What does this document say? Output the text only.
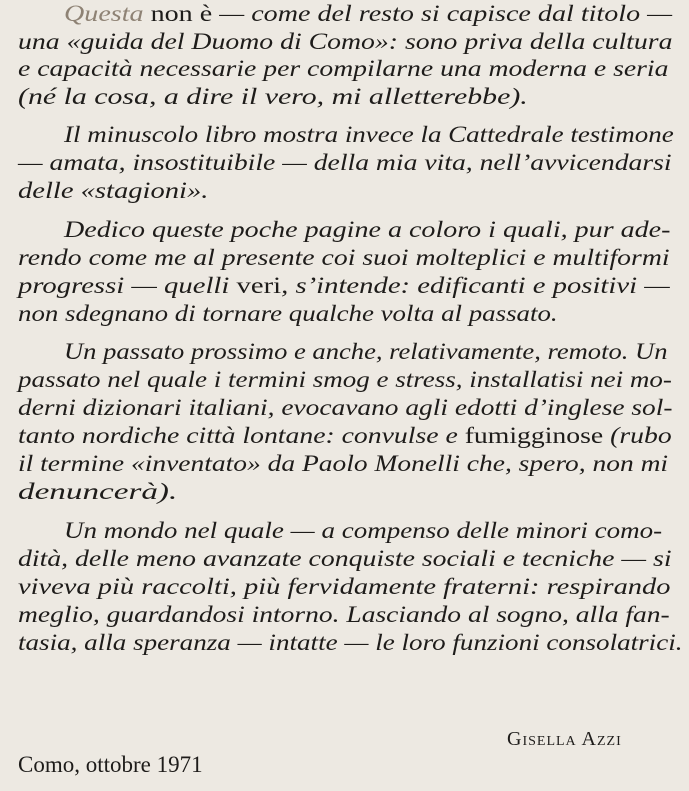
Questa non è — come del resto si capisce dal titolo —
una «guida del Duomo di Como»: sono priva della cultura
e capacità necessarie per compilarne una moderna e seria
(né la cosa, a dire il vero, mi alletterebbe).
Il minuscolo libro mostra invece la Cattedrale testimone
— amata, insostituibile — della mia vita, nell’avvicendarsi
delle «stagioni».
Dedico queste poche pagine a coloro i quali, pur ade-
rendo come me al presente coi suoi molteplici e multiformi
progressi — quelli veri, s’intende: edificanti e positivi —
non sdegnano di tornare qualche volta al passato.
Un passato prossimo e anche, relativamente, remoto. Un
passato nel quale i termini smog e stress, installatisi nei mo-
derni dizionari italiani, evocavano agli edotti d’inglese sol-
tanto nordiche città lontane: convulse e fumigginose (rubo
il termine «inventato» da Paolo Monelli che, spero, non mi
denuncerà).
Un mondo nel quale — a compenso delle minori como-
dità, delle meno avanzate conquiste sociali e tecniche — si
viveva più raccolti, più fervidamente fraterni: respirando
meglio, guardandosi intorno. Lasciando al sogno, alla fan-
tasia, alla speranza — intatte — le loro funzioni consolatrici.
Gisella Azzi
Como, ottobre 1971
